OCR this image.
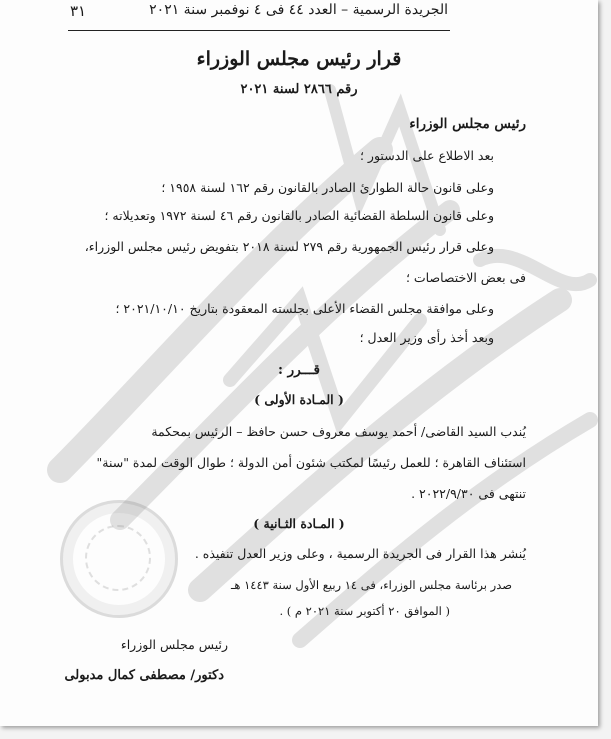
٣١	الجريدة الرسمية – العدد ٤٤ فى ٤ نوفمبر سنة ٢٠٢١
قرار رئيس مجلس الوزراء
رقم ٢٨٦٦ لسنة ٢٠٢١
رئيس مجلس الوزراء
بعد الاطلاع على الدستور ؛
وعلى قانون حالة الطوارئ الصادر بالقانون رقم ١٦٢ لسنة ١٩٥٨ ؛
وعلى قانون السلطة القضائية الصادر بالقانون رقم ٤٦ لسنة ١٩٧٢ وتعديلاته ؛
وعلى قرار رئيس الجمهورية رقم ٢٧٩ لسنة ٢٠١٨ بتفويض رئيس مجلس الوزراء،
فى بعض الاختصاصات ؛
وعلى موافقة مجلس القضاء الأعلى بجلسته المعقودة بتاريخ ٢٠٢١/١٠/١٠ ؛
وبعد أخذ رأى وزير العدل ؛
قـــرر :
( المـادة الأولى )
يُندب السيد القاضى/ أحمد يوسف معروف حسن حافظ – الرئيس بمحكمة
استئناف القاهرة ؛ للعمل رئيسًا لمكتب شئون أمن الدولة ؛ طوال الوقت لمدة "سنة"
تنتهى فى ٢٠٢٢/٩/٣٠ .
( المـادة الثـانية )
يُنشر هذا القرار فى الجريدة الرسمية ، وعلى وزير العدل تنفيذه .
صدر برئاسة مجلس الوزراء، فى ١٤ ربيع الأول سنة ١٤٤٣ هـ
( الموافق ٢٠ أكتوبر سنة ٢٠٢١ م ) .
رئيس مجلس الوزراء
دكتور/ مصطفى كمال مدبولى
